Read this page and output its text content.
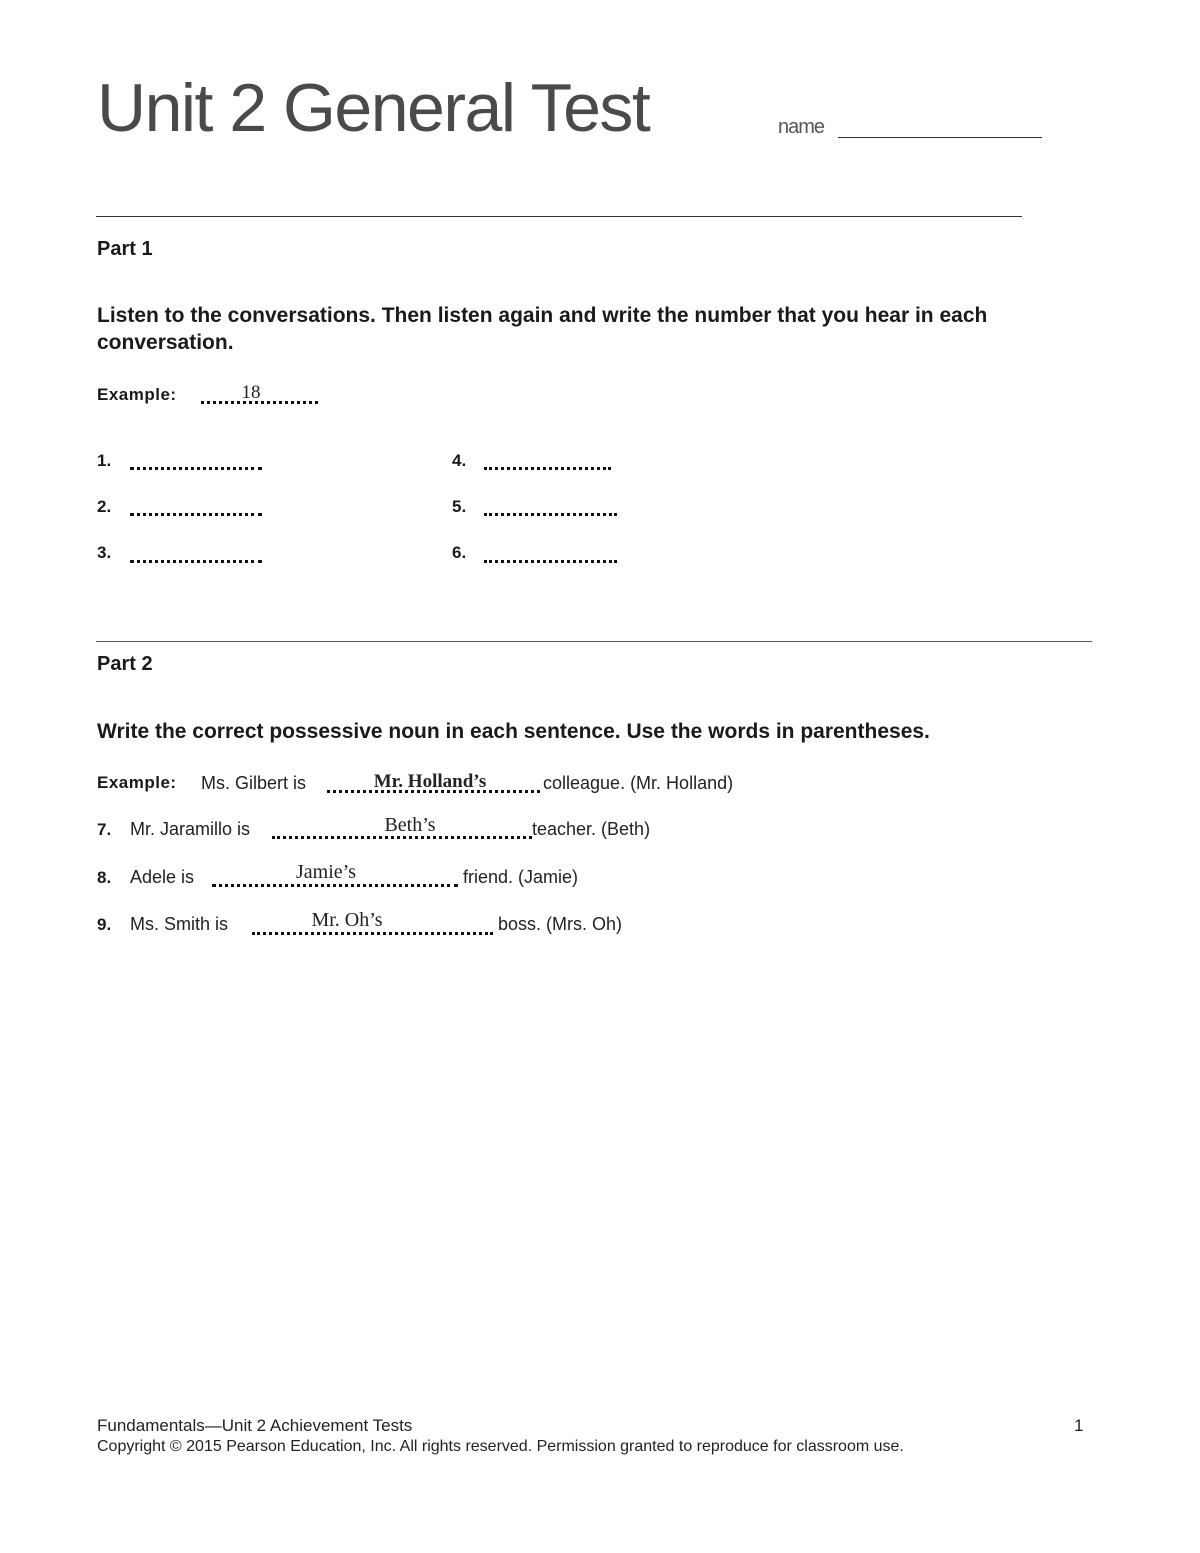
Unit 2 General Test	name
Part 1
Listen to the conversations. Then listen again and write the number that you hear in each conversation.
Example:	18
1.
2.
3.
4.
5.
6.
Part 2
Write the correct possessive noun in each sentence. Use the words in parentheses.
Example: Ms. Gilbert is	Mr. Holland’s	colleague. (Mr. Holland)
7. Mr. Jaramillo is	Beth’s	teacher. (Beth)
8. Adele is	Jamie’s	friend. (Jamie)
9. Ms. Smith is	Mr. Oh’s	boss. (Mrs. Oh)
Fundamentals—Unit 2 Achievement Tests	1
Copyright © 2015 Pearson Education, Inc. All rights reserved. Permission granted to reproduce for classroom use.
